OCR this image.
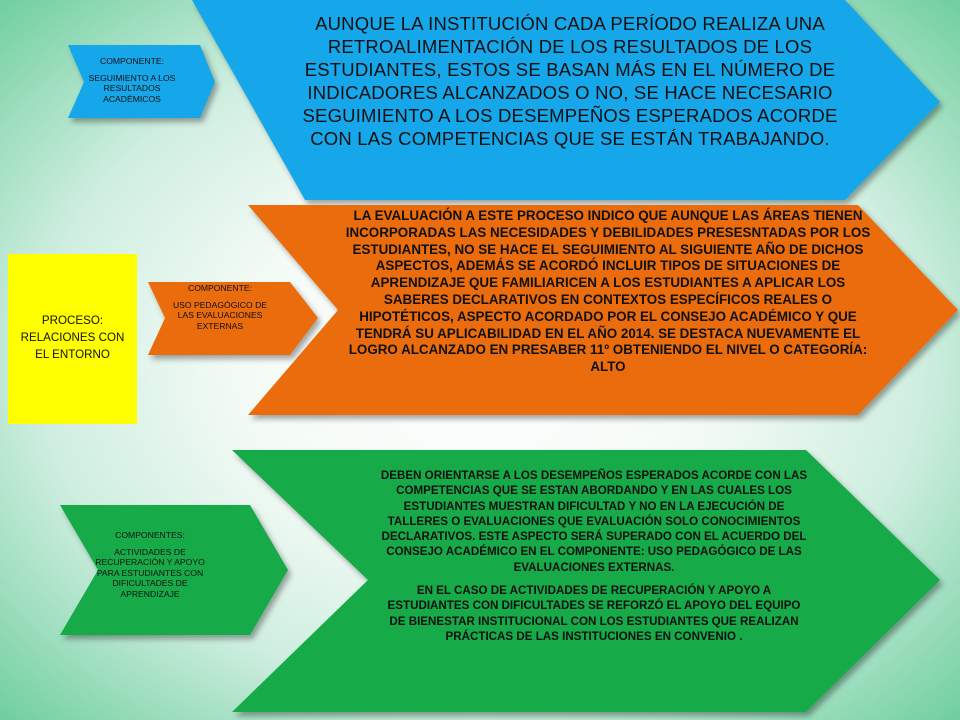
PROCESO:
RELACIONES CON
EL ENTORNO
COMPONENTE:
SEGUIMIENTO A LOS RESULTADOS ACADÉMICOS

AUNQUE LA INSTITUCIÓN CADA PERÍODO REALIZA UNA RETROALIMENTACIÓN DE LOS RESULTADOS DE LOS ESTUDIANTES, ESTOS SE BASAN MÁS EN EL NÚMERO DE INDICADORES ALCANZADOS O NO, SE HACE NECESARIO SEGUIMIENTO A LOS DESEMPEÑOS ESPERADOS ACORDE CON LAS COMPETENCIAS QUE SE ESTÁN TRABAJANDO.

COMPONENTE:
USO PEDAGÓGICO DE LAS EVALUACIONES EXTERNAS

LA EVALUACIÓN A ESTE PROCESO INDICO QUE AUNQUE LAS ÁREAS TIENEN INCORPORADAS LAS NECESIDADES Y DEBILIDADES PRESESNTADAS POR LOS ESTUDIANTES, NO SE HACE EL SEGUIMIENTO AL SIGUIENTE AÑO DE DICHOS ASPECTOS, ADEMÁS SE ACORDÓ INCLUIR TIPOS DE SITUACIONES DE APRENDIZAJE QUE FAMILIARICEN A LOS ESTUDIANTES A APLICAR LOS SABERES DECLARATIVOS EN CONTEXTOS ESPECÍFICOS REALES O HIPOTÉTICOS, ASPECTO ACORDADO POR EL CONSEJO ACADÉMICO Y QUE TENDRÁ SU APLICABILIDAD EN EL AÑO 2014. SE DESTACA NUEVAMENTE EL LOGRO ALCANZADO EN PRESABER 11º OBTENIENDO EL NIVEL O CATEGORÍA: ALTO

COMPONENTES:
ACTIVIDADES DE RECUPERACIÓN Y APOYO PARA ESTUDIANTES CON DIFICULTADES DE APRENDIZAJE

DEBEN ORIENTARSE A LOS DESEMPEÑOS ESPERADOS ACORDE CON LAS COMPETENCIAS QUE SE ESTAN ABORDANDO Y EN LAS CUALES LOS ESTUDIANTES MUESTRAN DIFICULTAD Y NO EN LA EJECUCIÓN DE TALLERES O EVALUACIONES QUE EVALUACIÓN SOLO CONOCIMIENTOS DECLARATIVOS. ESTE ASPECTO SERÁ SUPERADO CON EL ACUERDO DEL CONSEJO ACADÉMICO EN EL COMPONENTE: USO PEDAGÓGICO DE LAS EVALUACIONES EXTERNAS.

EN EL CASO DE ACTIVIDADES DE RECUPERACIÓN Y APOYO A ESTUDIANTES CON DIFICULTADES SE REFORZÓ EL APOYO DEL EQUIPO DE BIENESTAR INSTITUCIONAL CON LOS ESTUDIANTES QUE REALIZAN PRÁCTICAS DE LAS INSTITUCIONES EN CONVENIO .
